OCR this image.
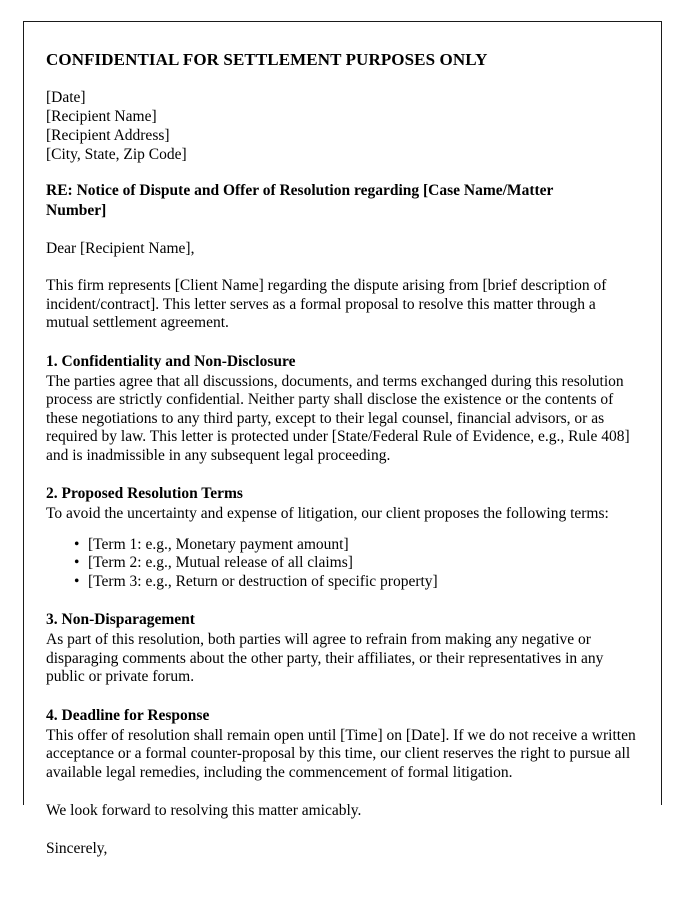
CONFIDENTIAL FOR SETTLEMENT PURPOSES ONLY
[Date]
[Recipient Name]
[Recipient Address]
[City, State, Zip Code]

RE: Notice of Dispute and Offer of Resolution regarding [Case Name/Matter Number]

Dear [Recipient Name],

This firm represents [Client Name] regarding the dispute arising from [brief description of incident/contract]. This letter serves as a formal proposal to resolve this matter through a mutual settlement agreement.

1. Confidentiality and Non-Disclosure

The parties agree that all discussions, documents, and terms exchanged during this resolution process are strictly confidential. Neither party shall disclose the existence or the contents of these negotiations to any third party, except to their legal counsel, financial advisors, or as required by law. This letter is protected under [State/Federal Rule of Evidence, e.g., Rule 408] and is inadmissible in any subsequent legal proceeding.

2. Proposed Resolution Terms

To avoid the uncertainty and expense of litigation, our client proposes the following terms:

• [Term 1: e.g., Monetary payment amount]
• [Term 2: e.g., Mutual release of all claims]
• [Term 3: e.g., Return or destruction of specific property]
3. Non-Disparagement

As part of this resolution, both parties will agree to refrain from making any negative or disparaging comments about the other party, their affiliates, or their representatives in any public or private forum.

4. Deadline for Response

This offer of resolution shall remain open until [Time] on [Date]. If we do not receive a written acceptance or a formal counter-proposal by this time, our client reserves the right to pursue all available legal remedies, including the commencement of formal litigation.

We look forward to resolving this matter amicably.

Sincerely,
